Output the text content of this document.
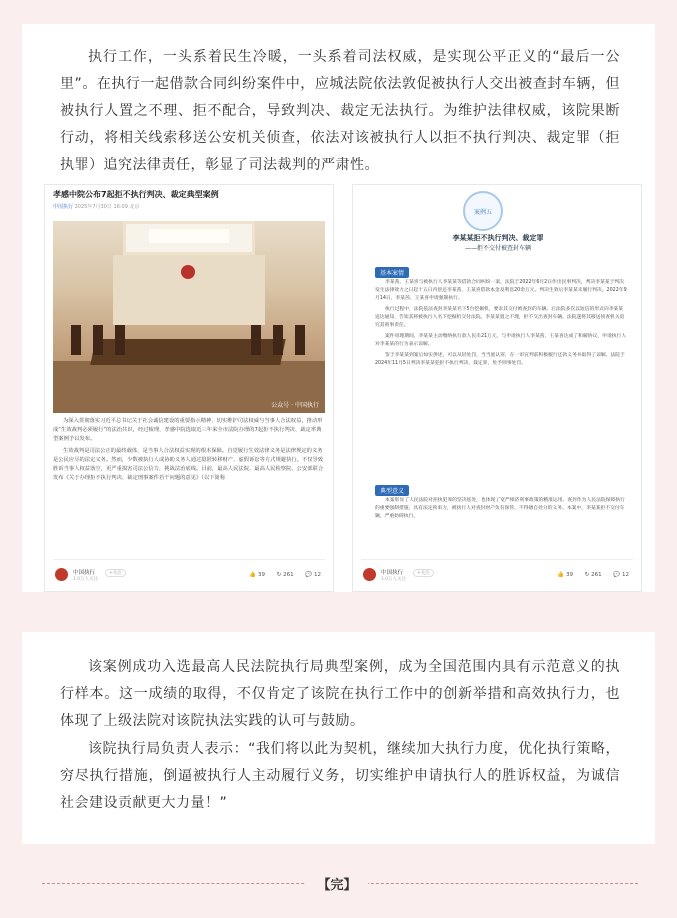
执行工作，一头系着民生冷暖，一头系着司法权威，是实现公平正义的“最后一公里”。在执行一起借款合同纠纷案件中，应城法院依法敦促被执行人交出被查封车辆，但被执行人置之不理、拒不配合，导致判决、裁定无法执行。为维护法律权威，该院果断行动，将相关线索移送公安机关侦查，依法对该被执行人以拒不执行判决、裁定罪（拒执罪）追究法律责任，彰显了司法裁判的严肃性。

孝感中院公布7起拒不执行判决、裁定典型案例
中国执行 2025年7月30日 16:09 北京
公众号 · 中国执行

为深入贯彻落实习近平总书记关于社会诚信建设的重要指示精神，切实维护司法权威与当事人合法权益，推动形成“生效裁判必须履行”的法治共识，经过梳理，孝感中院选取近三年来全市法院办理的7起拒不执行判决、裁定率典型案例予以发布。

生效裁判是司法公正的最终载体，是当事人合法权益实现的根本保障。自觉履行生效法律义务是法律规定的义务是公民应尽的法定义务。然而，少数被执行人或协助义务人通过隐匿转移财产、虚假诉讼等方式规避执行。不仅导致胜诉当事人权益落空，更严重损害司法公信力，挑战法治底线。目前，最高人民法院、最高人民检察院、公安部联合发布《关于办理拒不执行判决、裁定刑事案件若干问题的意见》（以下简称

中国执行
1.0万人关注
+关注	👍 39 ↻ 261 💬 12
案例五
李某某拒不执行判决、裁定罪
——拒不交付被查封车辆
基本案情

李某茜、王某喜与被执行人李某某等借款合同纠纷一案，法院于2022年6月2日作出民事判决，判决李某某于判决发生法律效力之日起十五日内偿还李某茜、王某喜借款本金及利息20余万元。判决生效后李某某未履行判决。2022年9月14日，李某茜、王某喜申请强制执行。

执行过程中，法院依法查封李某某名下5台挖掘机，要求其交付被查封的车辆。后法院多次以短信的形式向李某某送达通知，告知其将被执行人名下挖掘机交付法院。李某某置之不理，拒不交出查封车辆。法院遂将其移送侦查机关追究其刑事责任。

案件审理期间，李某某主动缴纳执行款人民币21万元，与申请执行人李某茜、王某喜达成了和解协议，申请执行人对李某某的行为表示谅解。

鉴于李某某到案后如实供述，可以从轻处罚，当当庭认罪，在一审宣判前积极履行还款义务并取得了谅解。法院于2024年11月5日判决李某某犯拒不执行判决、裁定罪，免予刑事处罚。

典型意义

本案彰显了人民法院对拒执犯罪的坚决惩处，也体现了宽严相济刑事政策的精准运用。查封作为人民法院保障执行的重要强制措施，具有法定拘束力，被执行人对查封财产负有保管、不得擅自处分的义务。本案中，李某某拒不交付车辆，严重妨碍执行。

中国执行
1.0万人关注
+关注	👍 39 ↻ 261 💬 12

该案例成功入选最高人民法院执行局典型案例，成为全国范围内具有示范意义的执行样本。这一成绩的取得，不仅肯定了该院在执行工作中的创新举措和高效执行力，也体现了上级法院对该院执法实践的认可与鼓励。

该院执行局负责人表示：“我们将以此为契机，继续加大执行力度，优化执行策略，穷尽执行措施，倒逼被执行人主动履行义务，切实维护申请执行人的胜诉权益，为诚信社会建设贡献更大力量！”

【完】
